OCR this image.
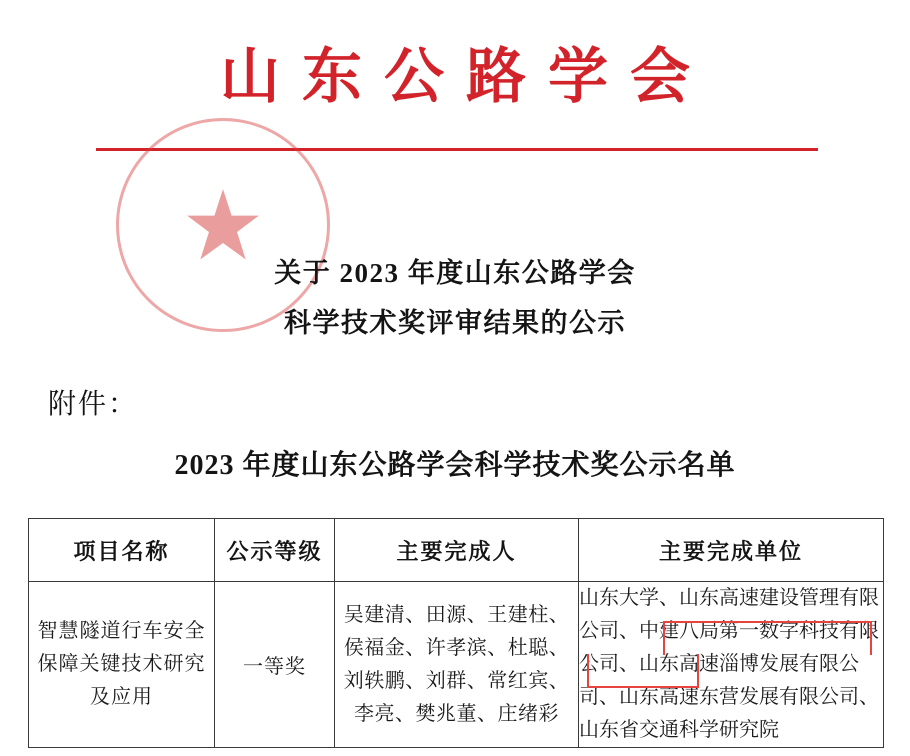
山东公路学会
关于 2023 年度山东公路学会
科学技术奖评审结果的公示
附件：
2023 年度山东公路学会科学技术奖公示名单
项目名称	公示等级	主要完成人	主要完成单位
智慧隧道行车安全保障关键技术研究及应用	一等奖	吴建清、田源、王建柱、
侯福金、许孝滨、杜聪、
刘轶鹏、刘群、常红宾、
李亮、樊兆董、庄绪彩	山东大学、山东高速建设管理有限公司、中建八局第一数字科技有限公司、山东高速淄博发展有限公司、山东高速东营发展有限公司、山东省交通科学研究院
